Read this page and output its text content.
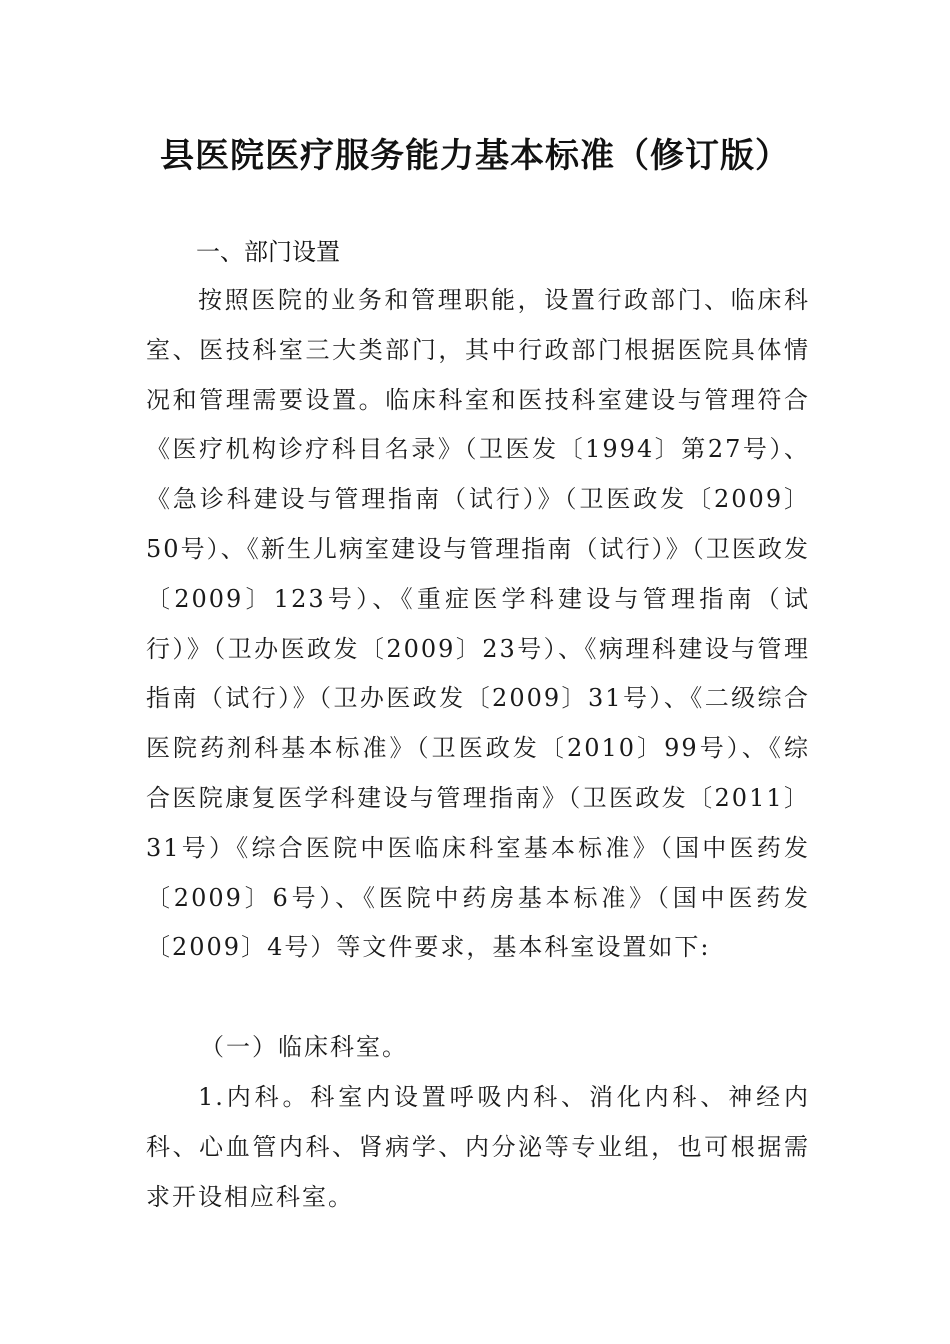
县医院医疗服务能力基本标准（修订版）
一、部门设置
按照医院的业务和管理职能，设置行政部门、临床科室、医技科室三大类部门，其中行政部门根据医院具体情况和管理需要设置。临床科室和医技科室建设与管理符合《医疗机构诊疗科目名录》（卫医发〔1994〕第27号）、《急诊科建设与管理指南（试行）》（卫医政发〔2009〕50号）、《新生儿病室建设与管理指南（试行）》（卫医政发〔2009〕123号）、《重症医学科建设与管理指南（试行）》（卫办医政发〔2009〕23号）、《病理科建设与管理指南（试行）》（卫办医政发〔2009〕31号）、《二级综合医院药剂科基本标准》（卫医政发〔2010〕99号）、《综合医院康复医学科建设与管理指南》（卫医政发〔2011〕31号）《综合医院中医临床科室基本标准》（国中医药发〔2009〕6号）、《医院中药房基本标准》（国中医药发〔2009〕4号）等文件要求，基本科室设置如下:
（一）临床科室。
1.内科。科室内设置呼吸内科、消化内科、神经内科、心血管内科、肾病学、内分泌等专业组，也可根据需求开设相应科室。
